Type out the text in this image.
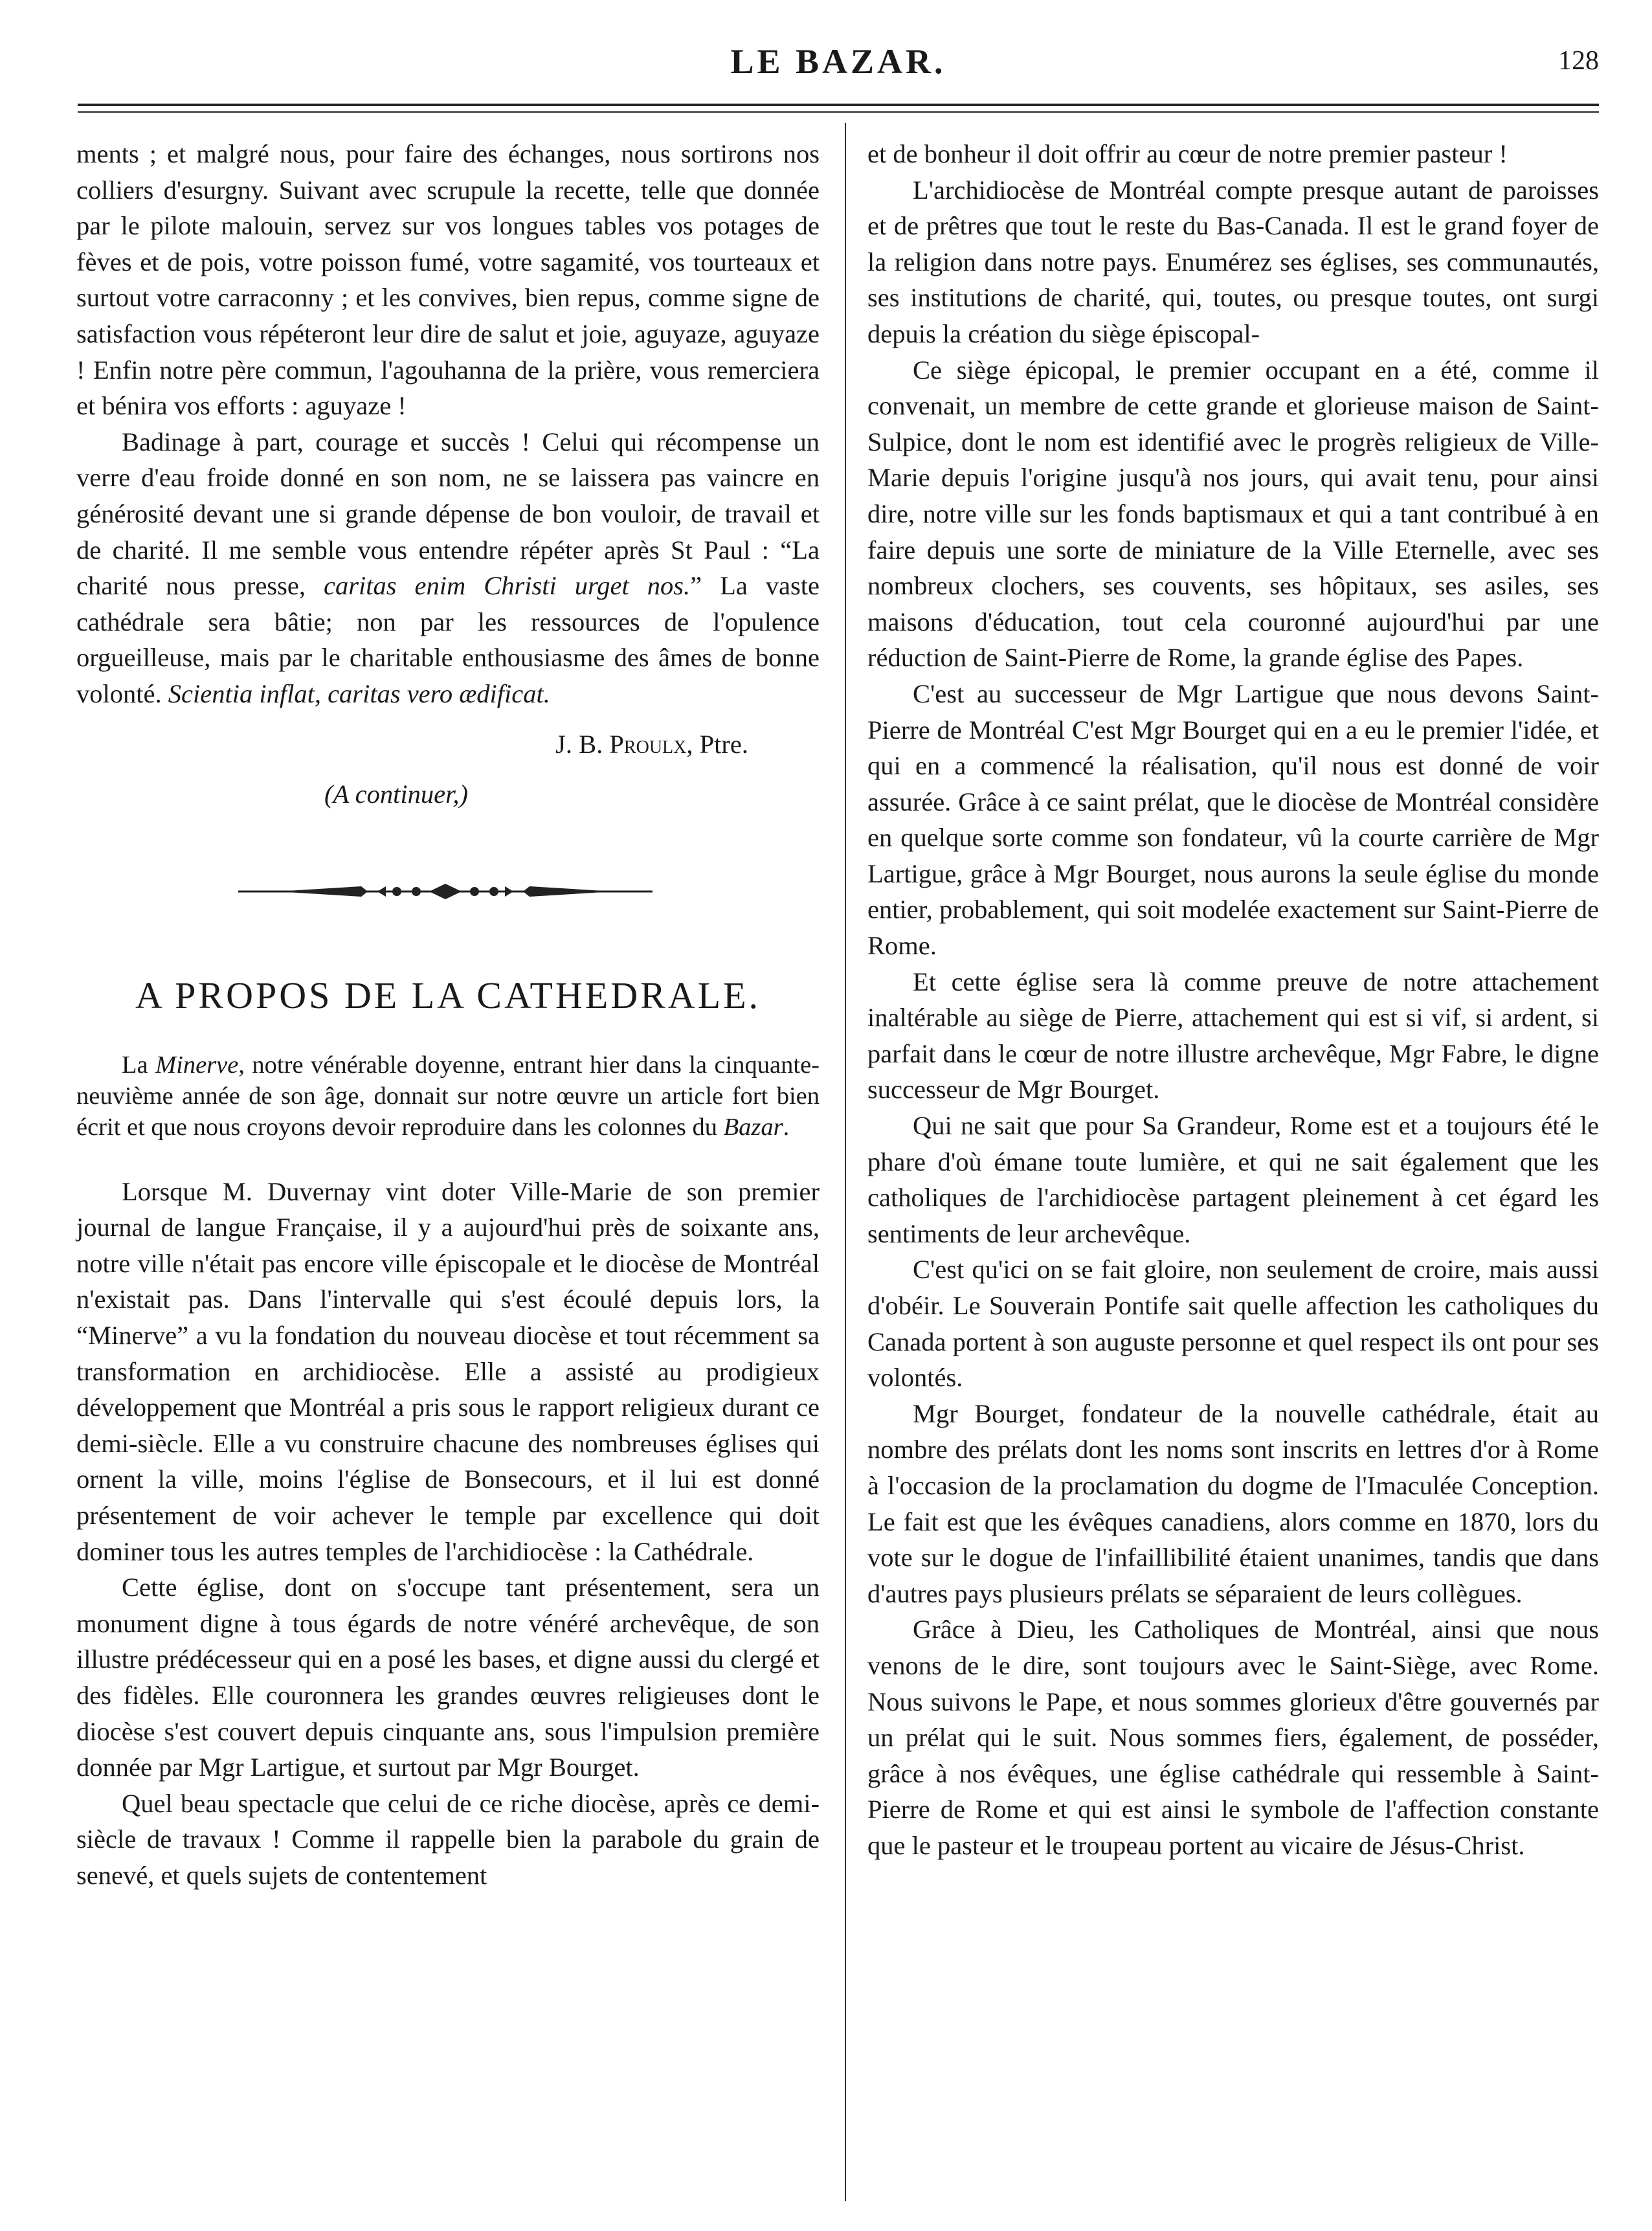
LE BAZAR.	128

ments ; et malgré nous, pour faire des échanges, nous sortirons nos colliers d'esurgny. Suivant avec scrupule la recette, telle que donnée par le pilote malouin, servez sur vos longues tables vos potages de fèves et de pois, votre poisson fumé, votre sagamité, vos tourteaux et surtout votre carraconny ; et les convives, bien repus, comme signe de satisfaction vous répéteront leur dire de salut et joie, aguyaze, aguyaze ! Enfin notre père commun, l'agouhanna de la prière, vous remerciera et bénira vos efforts : aguyaze !

Badinage à part, courage et succès ! Celui qui récompense un verre d'eau froide donné en son nom, ne se laissera pas vaincre en générosité devant une si grande dépense de bon vouloir, de travail et de charité. Il me semble vous entendre répéter après St Paul : “La charité nous presse, caritas enim Christi urget nos.” La vaste cathédrale sera bâtie; non par les ressources de l'opulence orgueilleuse, mais par le charitable enthousiasme des âmes de bonne volonté. Scientia inflat, caritas vero ædificat.

J. B. Proulx, Ptre.
(A continuer,)
A PROPOS DE LA CATHEDRALE.

La Minerve, notre vénérable doyenne, entrant hier dans la cinquante-neuvième année de son âge, donnait sur notre œuvre un article fort bien écrit et que nous croyons devoir reproduire dans les colonnes du Bazar.

Lorsque M. Duvernay vint doter Ville-Marie de son premier journal de langue Française, il y a aujourd'hui près de soixante ans, notre ville n'était pas encore ville épiscopale et le diocèse de Montréal n'existait pas. Dans l'intervalle qui s'est écoulé depuis lors, la “Minerve” a vu la fondation du nouveau diocèse et tout récemment sa transformation en archidiocèse. Elle a assisté au prodigieux développement que Montréal a pris sous le rapport religieux durant ce demi-siècle. Elle a vu construire chacune des nombreuses églises qui ornent la ville, moins l'église de Bonsecours, et il lui est donné présentement de voir achever le temple par excellence qui doit dominer tous les autres temples de l'archidiocèse : la Cathédrale.

Cette église, dont on s'occupe tant présentement, sera un monument digne à tous égards de notre vénéré archevêque, de son illustre prédécesseur qui en a posé les bases, et digne aussi du clergé et des fidèles. Elle couronnera les grandes œuvres religieuses dont le diocèse s'est couvert depuis cinquante ans, sous l'impulsion première donnée par Mgr Lartigue, et surtout par Mgr Bourget.

Quel beau spectacle que celui de ce riche diocèse, après ce demi-siècle de travaux ! Comme il rappelle bien la parabole du grain de senevé, et quels sujets de contentement

et de bonheur il doit offrir au cœur de notre premier pasteur !

L'archidiocèse de Montréal compte presque autant de paroisses et de prêtres que tout le reste du Bas-Canada. Il est le grand foyer de la religion dans notre pays. Enumérez ses églises, ses communautés, ses institutions de charité, qui, toutes, ou presque toutes, ont surgi depuis la création du siège épiscopal-

Ce siège épicopal, le premier occupant en a été, comme il convenait, un membre de cette grande et glorieuse maison de Saint-Sulpice, dont le nom est identifié avec le progrès religieux de Ville-Marie depuis l'origine jusqu'à nos jours, qui avait tenu, pour ainsi dire, notre ville sur les fonds baptismaux et qui a tant contribué à en faire depuis une sorte de miniature de la Ville Eternelle, avec ses nombreux clochers, ses couvents, ses hôpitaux, ses asiles, ses maisons d'éducation, tout cela couronné aujourd'hui par une réduction de Saint-Pierre de Rome, la grande église des Papes.

C'est au successeur de Mgr Lartigue que nous devons Saint-Pierre de Montréal C'est Mgr Bourget qui en a eu le premier l'idée, et qui en a commencé la réalisation, qu'il nous est donné de voir assurée. Grâce à ce saint prélat, que le diocèse de Montréal considère en quelque sorte comme son fondateur, vû la courte carrière de Mgr Lartigue, grâce à Mgr Bourget, nous aurons la seule église du monde entier, probablement, qui soit modelée exactement sur Saint-Pierre de Rome.

Et cette église sera là comme preuve de notre attachement inaltérable au siège de Pierre, attachement qui est si vif, si ardent, si parfait dans le cœur de notre illustre archevêque, Mgr Fabre, le digne successeur de Mgr Bourget.

Qui ne sait que pour Sa Grandeur, Rome est et a toujours été le phare d'où émane toute lumière, et qui ne sait également que les catholiques de l'archidiocèse partagent pleinement à cet égard les sentiments de leur archevêque.

C'est qu'ici on se fait gloire, non seulement de croire, mais aussi d'obéir. Le Souverain Pontife sait quelle affection les catholiques du Canada portent à son auguste personne et quel respect ils ont pour ses volontés.

Mgr Bourget, fondateur de la nouvelle cathédrale, était au nombre des prélats dont les noms sont inscrits en lettres d'or à Rome à l'occasion de la proclamation du dogme de l'Imaculée Conception. Le fait est que les évêques canadiens, alors comme en 1870, lors du vote sur le dogue de l'infaillibilité étaient unanimes, tandis que dans d'autres pays plusieurs prélats se séparaient de leurs collègues.

Grâce à Dieu, les Catholiques de Montréal, ainsi que nous venons de le dire, sont toujours avec le Saint-Siège, avec Rome. Nous suivons le Pape, et nous sommes glorieux d'être gouvernés par un prélat qui le suit. Nous sommes fiers, également, de posséder, grâce à nos évêques, une église cathédrale qui ressemble à Saint-Pierre de Rome et qui est ainsi le symbole de l'affection constante que le pasteur et le troupeau portent au vicaire de Jésus-Christ.
